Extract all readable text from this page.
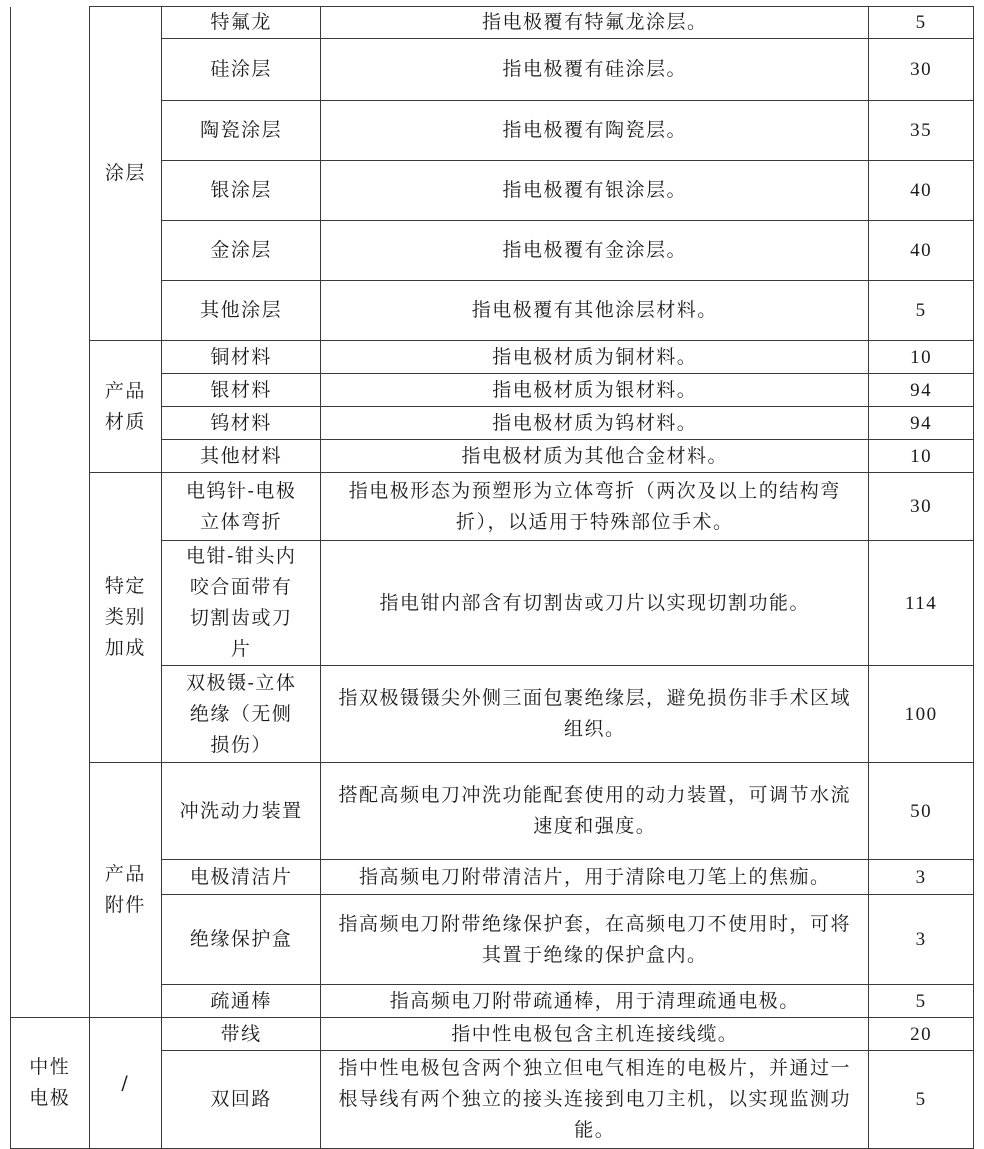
	涂层	特氟龙	指电极覆有特氟龙涂层。	5
		硅涂层	指电极覆有硅涂层。	30
		陶瓷涂层	指电极覆有陶瓷层。	35
		银涂层	指电极覆有银涂层。	40
		金涂层	指电极覆有金涂层。	40
		其他涂层	指电极覆有其他涂层材料。	5
	产品材质	铜材料	指电极材质为铜材料。	10
		银材料	指电极材质为银材料。	94
		钨材料	指电极材质为钨材料。	94
		其他材料	指电极材质为其他合金材料。	10
	特定类别加成	电钨针-电极立体弯折	指电极形态为预塑形为立体弯折（两次及以上的结构弯折），以适用于特殊部位手术。	30
		电钳-钳头内咬合面带有切割齿或刀片	指电钳内部含有切割齿或刀片以实现切割功能。	114
		双极镊-立体绝缘（无侧损伤）	指双极镊镊尖外侧三面包裹绝缘层，避免损伤非手术区域组织。	100
	产品附件	冲洗动力装置	搭配高频电刀冲洗功能配套使用的动力装置，可调节水流速度和强度。	50
		电极清洁片	指高频电刀附带清洁片，用于清除电刀笔上的焦痂。	3
		绝缘保护盒	指高频电刀附带绝缘保护套，在高频电刀不使用时，可将其置于绝缘的保护盒内。	3
		疏通棒	指高频电刀附带疏通棒，用于清理疏通电极。	5
中性电极	/	带线	指中性电极包含主机连接线缆。	20
		双回路	指中性电极包含两个独立但电气相连的电极片，并通过一根导线有两个独立的接头连接到电刀主机，以实现监测功能。	5
